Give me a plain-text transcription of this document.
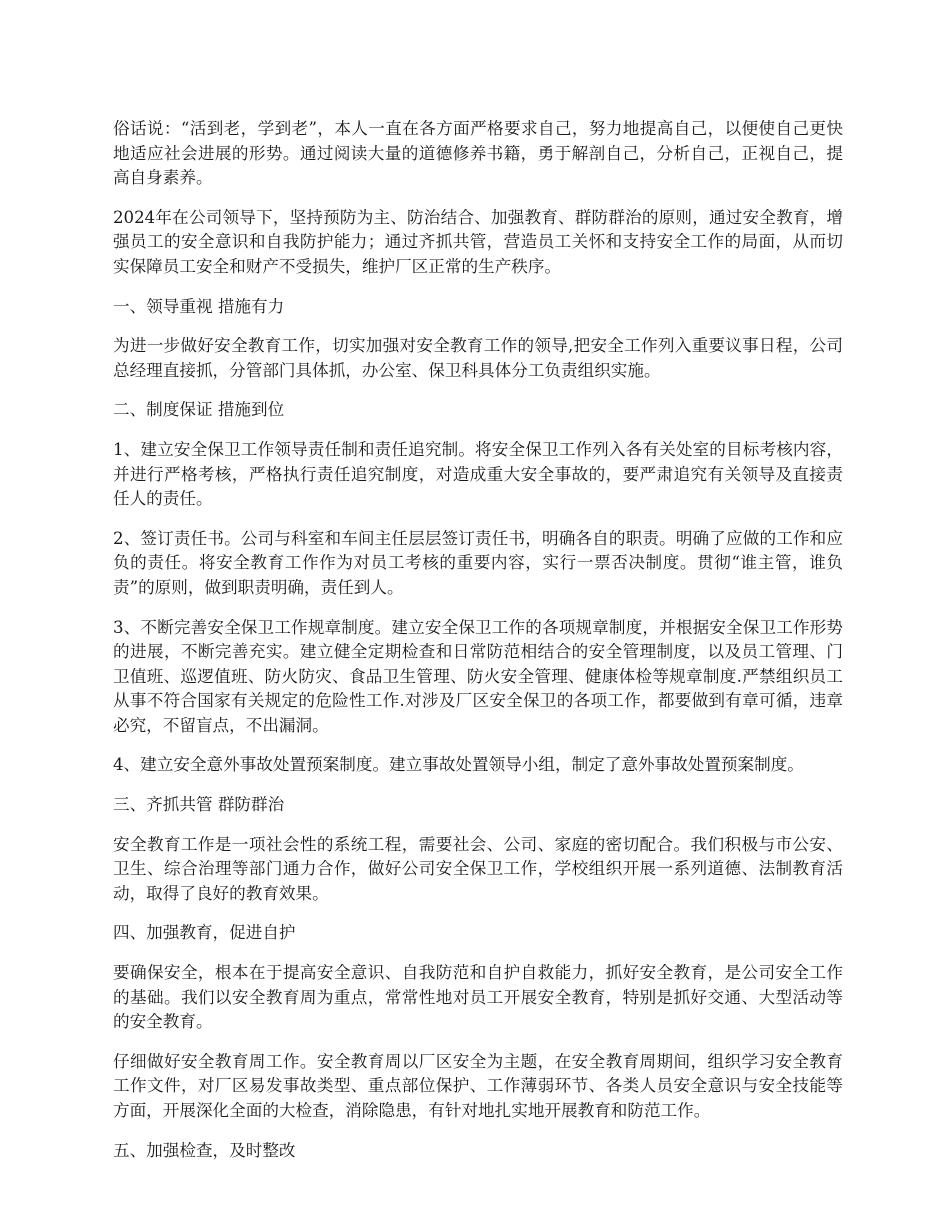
俗话说：“活到老，学到老”，本人一直在各方面严格要求自己，努力地提高自己，以便使自己更快地适应社会进展的形势。通过阅读大量的道德修养书籍，勇于解剖自己，分析自己，正视自己，提高自身素养。

2024年在公司领导下，坚持预防为主、防治结合、加强教育、群防群治的原则，通过安全教育，增强员工的安全意识和自我防护能力；通过齐抓共管，营造员工关怀和支持安全工作的局面，从而切实保障员工安全和财产不受损失，维护厂区正常的生产秩序。

一、领导重视 措施有力

为进一步做好安全教育工作，切实加强对安全教育工作的领导,把安全工作列入重要议事日程，公司总经理直接抓，分管部门具体抓，办公室、保卫科具体分工负责组织实施。

二、制度保证 措施到位

1、建立安全保卫工作领导责任制和责任追究制。将安全保卫工作列入各有关处室的目标考核内容，并进行严格考核，严格执行责任追究制度，对造成重大安全事故的，要严肃追究有关领导及直接责任人的责任。

2、签订责任书。公司与科室和车间主任层层签订责任书，明确各自的职责。明确了应做的工作和应负的责任。将安全教育工作作为对员工考核的重要内容，实行一票否决制度。贯彻“谁主管，谁负责”的原则，做到职责明确，责任到人。

3、不断完善安全保卫工作规章制度。建立安全保卫工作的各项规章制度，并根据安全保卫工作形势的进展，不断完善充实。建立健全定期检查和日常防范相结合的安全管理制度，以及员工管理、门卫值班、巡逻值班、防火防灾、食品卫生管理、防火安全管理、健康体检等规章制度.严禁组织员工从事不符合国家有关规定的危险性工作.对涉及厂区安全保卫的各项工作，都要做到有章可循，违章必究，不留盲点，不出漏洞。

4、建立安全意外事故处置预案制度。建立事故处置领导小组，制定了意外事故处置预案制度。

三、齐抓共管 群防群治

安全教育工作是一项社会性的系统工程，需要社会、公司、家庭的密切配合。我们积极与市公安、卫生、综合治理等部门通力合作，做好公司安全保卫工作，学校组织开展一系列道德、法制教育活动，取得了良好的教育效果。

四、加强教育，促进自护

要确保安全，根本在于提高安全意识、自我防范和自护自救能力，抓好安全教育，是公司安全工作的基础。我们以安全教育周为重点，常常性地对员工开展安全教育，特别是抓好交通、大型活动等的安全教育。

仔细做好安全教育周工作。安全教育周以厂区安全为主题，在安全教育周期间，组织学习安全教育工作文件，对厂区易发事故类型、重点部位保护、工作薄弱环节、各类人员安全意识与安全技能等方面，开展深化全面的大检查，消除隐患，有针对地扎实地开展教育和防范工作。

五、加强检查，及时整改
